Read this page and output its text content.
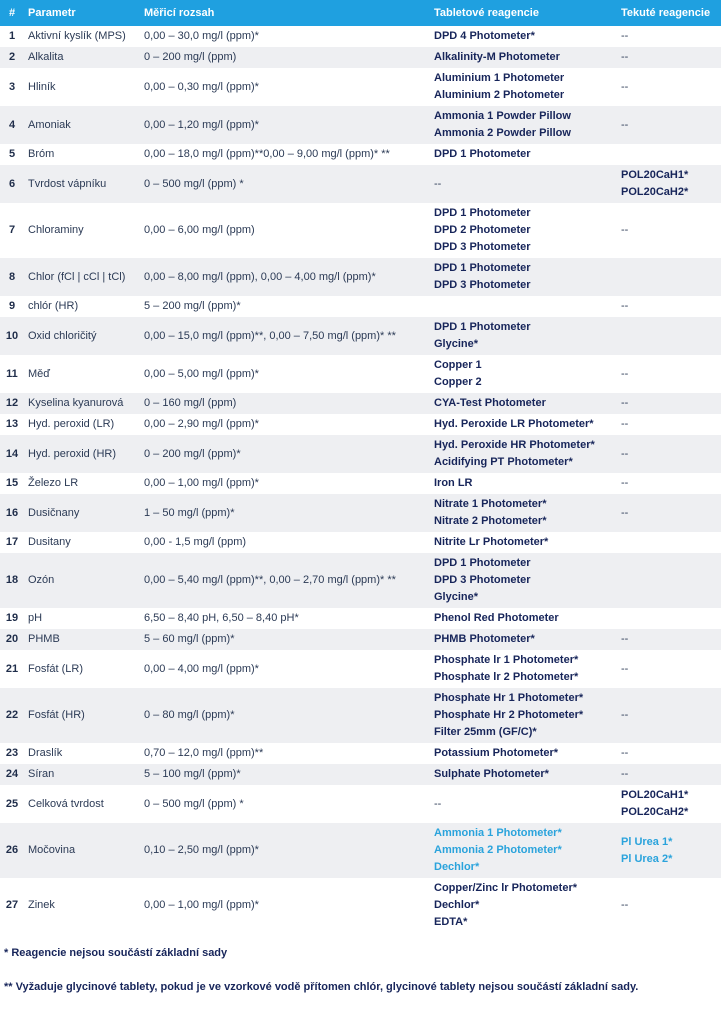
#	Parametr	Měřicí rozsah	Tabletové reagencie	Tekuté reagencie
1	Aktivní kyslík (MPS)	0,00 – 30,0 mg/l (ppm)*	DPD 4 Photometer*	--

2	Alkalita	0 – 200 mg/l (ppm)	Alkalinity-M Photometer	--

3	Hliník	0,00 – 0,30 mg/l (ppm)*	Aluminium 1 Photometer
Aluminium 2 Photometer	--

4	Amoniak	0,00 – 1,20 mg/l (ppm)*	Ammonia 1 Powder Pillow
Ammonia 2 Powder Pillow	--

5	Bróm	0,00 – 18,0 mg/l (ppm)**0,00 – 9,00 mg/l (ppm)* **	DPD 1 Photometer	

6	Tvrdost vápníku	0 – 500 mg/l (ppm) *	--	POL20CaH1*
POL20CaH2*

7	Chloraminy	0,00 – 6,00 mg/l (ppm)	DPD 1 Photometer
DPD 2 Photometer
DPD 3 Photometer	--

8	Chlor (fCl | cCl | tCl)	0,00 – 8,00 mg/l (ppm), 0,00 – 4,00 mg/l (ppm)*	DPD 1 Photometer
DPD 3 Photometer	

9	chlór (HR)	5 – 200 mg/l (ppm)*		--

10	Oxid chloričitý	0,00 – 15,0 mg/l (ppm)**, 0,00 – 7,50 mg/l (ppm)* **	DPD 1 Photometer
Glycine*	

11	Měď	0,00 – 5,00 mg/l (ppm)*	Copper 1
Copper 2	--

12	Kyselina kyanurová	0 – 160 mg/l (ppm)	CYA-Test Photometer	--

13	Hyd. peroxid (LR)	0,00 – 2,90 mg/l (ppm)*	Hyd. Peroxide LR Photometer*	--

14	Hyd. peroxid (HR)	0 – 200 mg/l (ppm)*	Hyd. Peroxide HR Photometer*
Acidifying PT Photometer*	--

15	Železo LR	0,00 – 1,00 mg/l (ppm)*	Iron LR	--

16	Dusičnany	1 – 50 mg/l (ppm)*	Nitrate 1 Photometer*
Nitrate 2 Photometer*	--

17	Dusitany	0,00 - 1,5 mg/l (ppm)	Nitrite Lr Photometer*	

18	Ozón	0,00 – 5,40 mg/l (ppm)**, 0,00 – 2,70 mg/l (ppm)* **	DPD 1 Photometer
DPD 3 Photometer
Glycine*	

19	pH	6,50 – 8,40 pH, 6,50 – 8,40 pH*	Phenol Red Photometer	

20	PHMB	5 – 60 mg/l (ppm)*	PHMB Photometer*	--

21	Fosfát (LR)	0,00 – 4,00 mg/l (ppm)*	Phosphate lr 1 Photometer*
Phosphate lr 2 Photometer*	--

22	Fosfát (HR)	0 – 80 mg/l (ppm)*	Phosphate Hr 1 Photometer*
Phosphate Hr 2 Photometer*
Filter 25mm (GF/C)*	--

23	Draslík	0,70 – 12,0 mg/l (ppm)**	Potassium Photometer*	--

24	Síran	5 – 100 mg/l (ppm)*	Sulphate Photometer*	--

25	Celková tvrdost	0 – 500 mg/l (ppm) *	--	POL20CaH1*
POL20CaH2*

26	Močovina	0,10 – 2,50 mg/l (ppm)*	Ammonia 1 Photometer*
Ammonia 2 Photometer*
Dechlor*	Pl Urea 1*
Pl Urea 2*

27	Zinek	0,00 – 1,00 mg/l (ppm)*	Copper/Zinc lr Photometer*
Dechlor*
EDTA*	--
* Reagencie nejsou součástí základní sady
** Vyžaduje glycinové tablety, pokud je ve vzorkové vodě přítomen chlór, glycinové tablety nejsou součástí základní sady.
